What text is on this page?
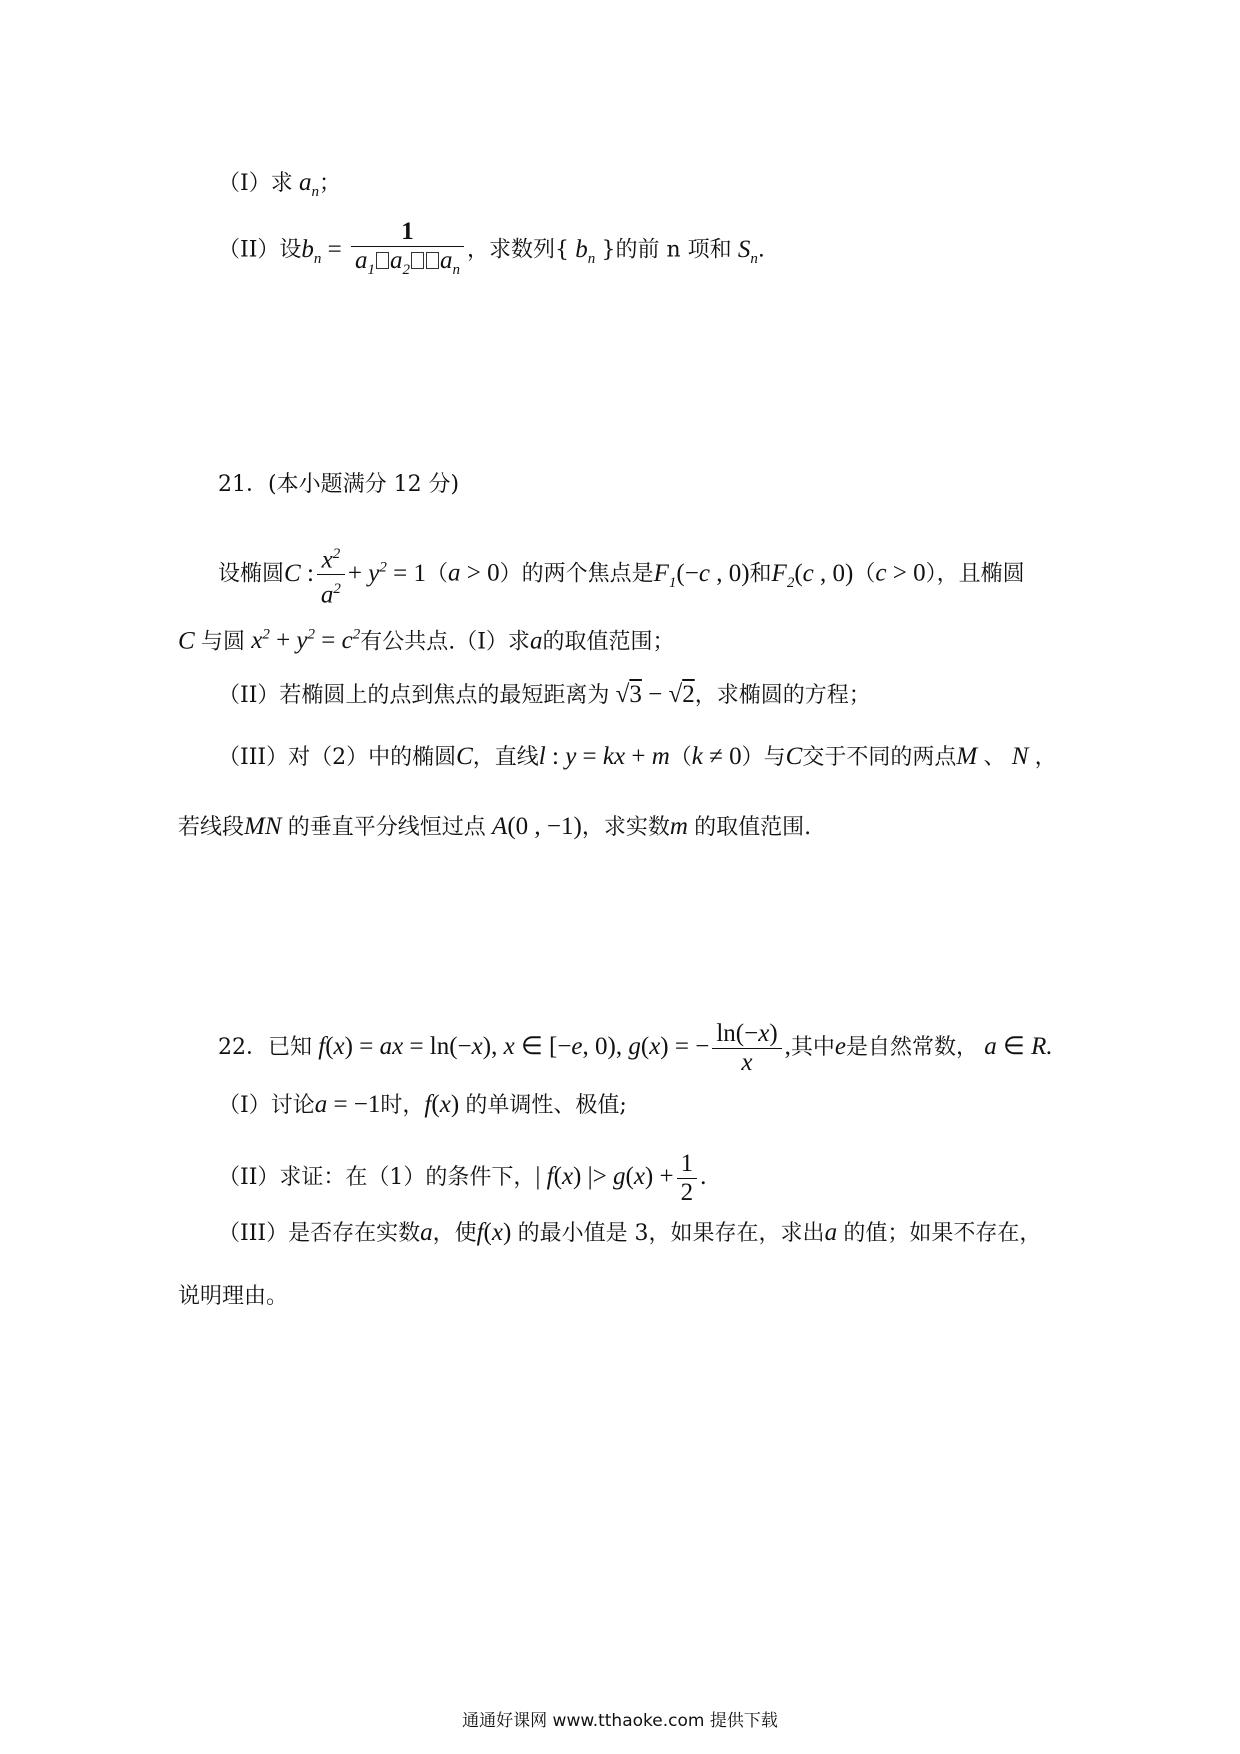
（I）求 $a_n$；
（II）设$b_n = \frac{1}{a_1 a_2 a_n}$ ，求数列{ $b_n$ }的前 n 项和 $S_n$.
21．(本小题满分 12 分)
设椭圆C : $\frac{x^2}{a^2} + y^2 = 1(a > 0)$的两个焦点是$F_1(-c$ , 0)和$F_2(c$ , 0)（c > 0），且椭圆
C 与圆 $x^2 + y^2 = c^2$有公共点.（I）求a的取值范围；
（II）若椭圆上的点到焦点的最短距离为 √3 − √2，求椭圆的方程；
（III）对（2）中的椭圆C，直线l : y = kx + m（k ≠ 0）与C交于不同的两点M 、 N ，
若线段MN 的垂直平分线恒过点 A(0 , −1)，求实数m 的取值范围.
22．已知 f(x) = ax = ln(−x), x ∈ [−e, 0), g(x) = − $\frac{\ln(-x)}{x}$ ,其中e是自然常数， a ∈ R.
（I）讨论a = −1时，f(x) 的单调性、极值;
（II）求证：在（1）的条件下，| f(x) |> $g(x) + \frac{1}{2}$ .
（III）是否存在实数a，使f(x) 的最小值是 3，如果存在，求出a 的值；如果不存在，
说明理由。
通通好课网 www.tthaoke.com 提供下载
